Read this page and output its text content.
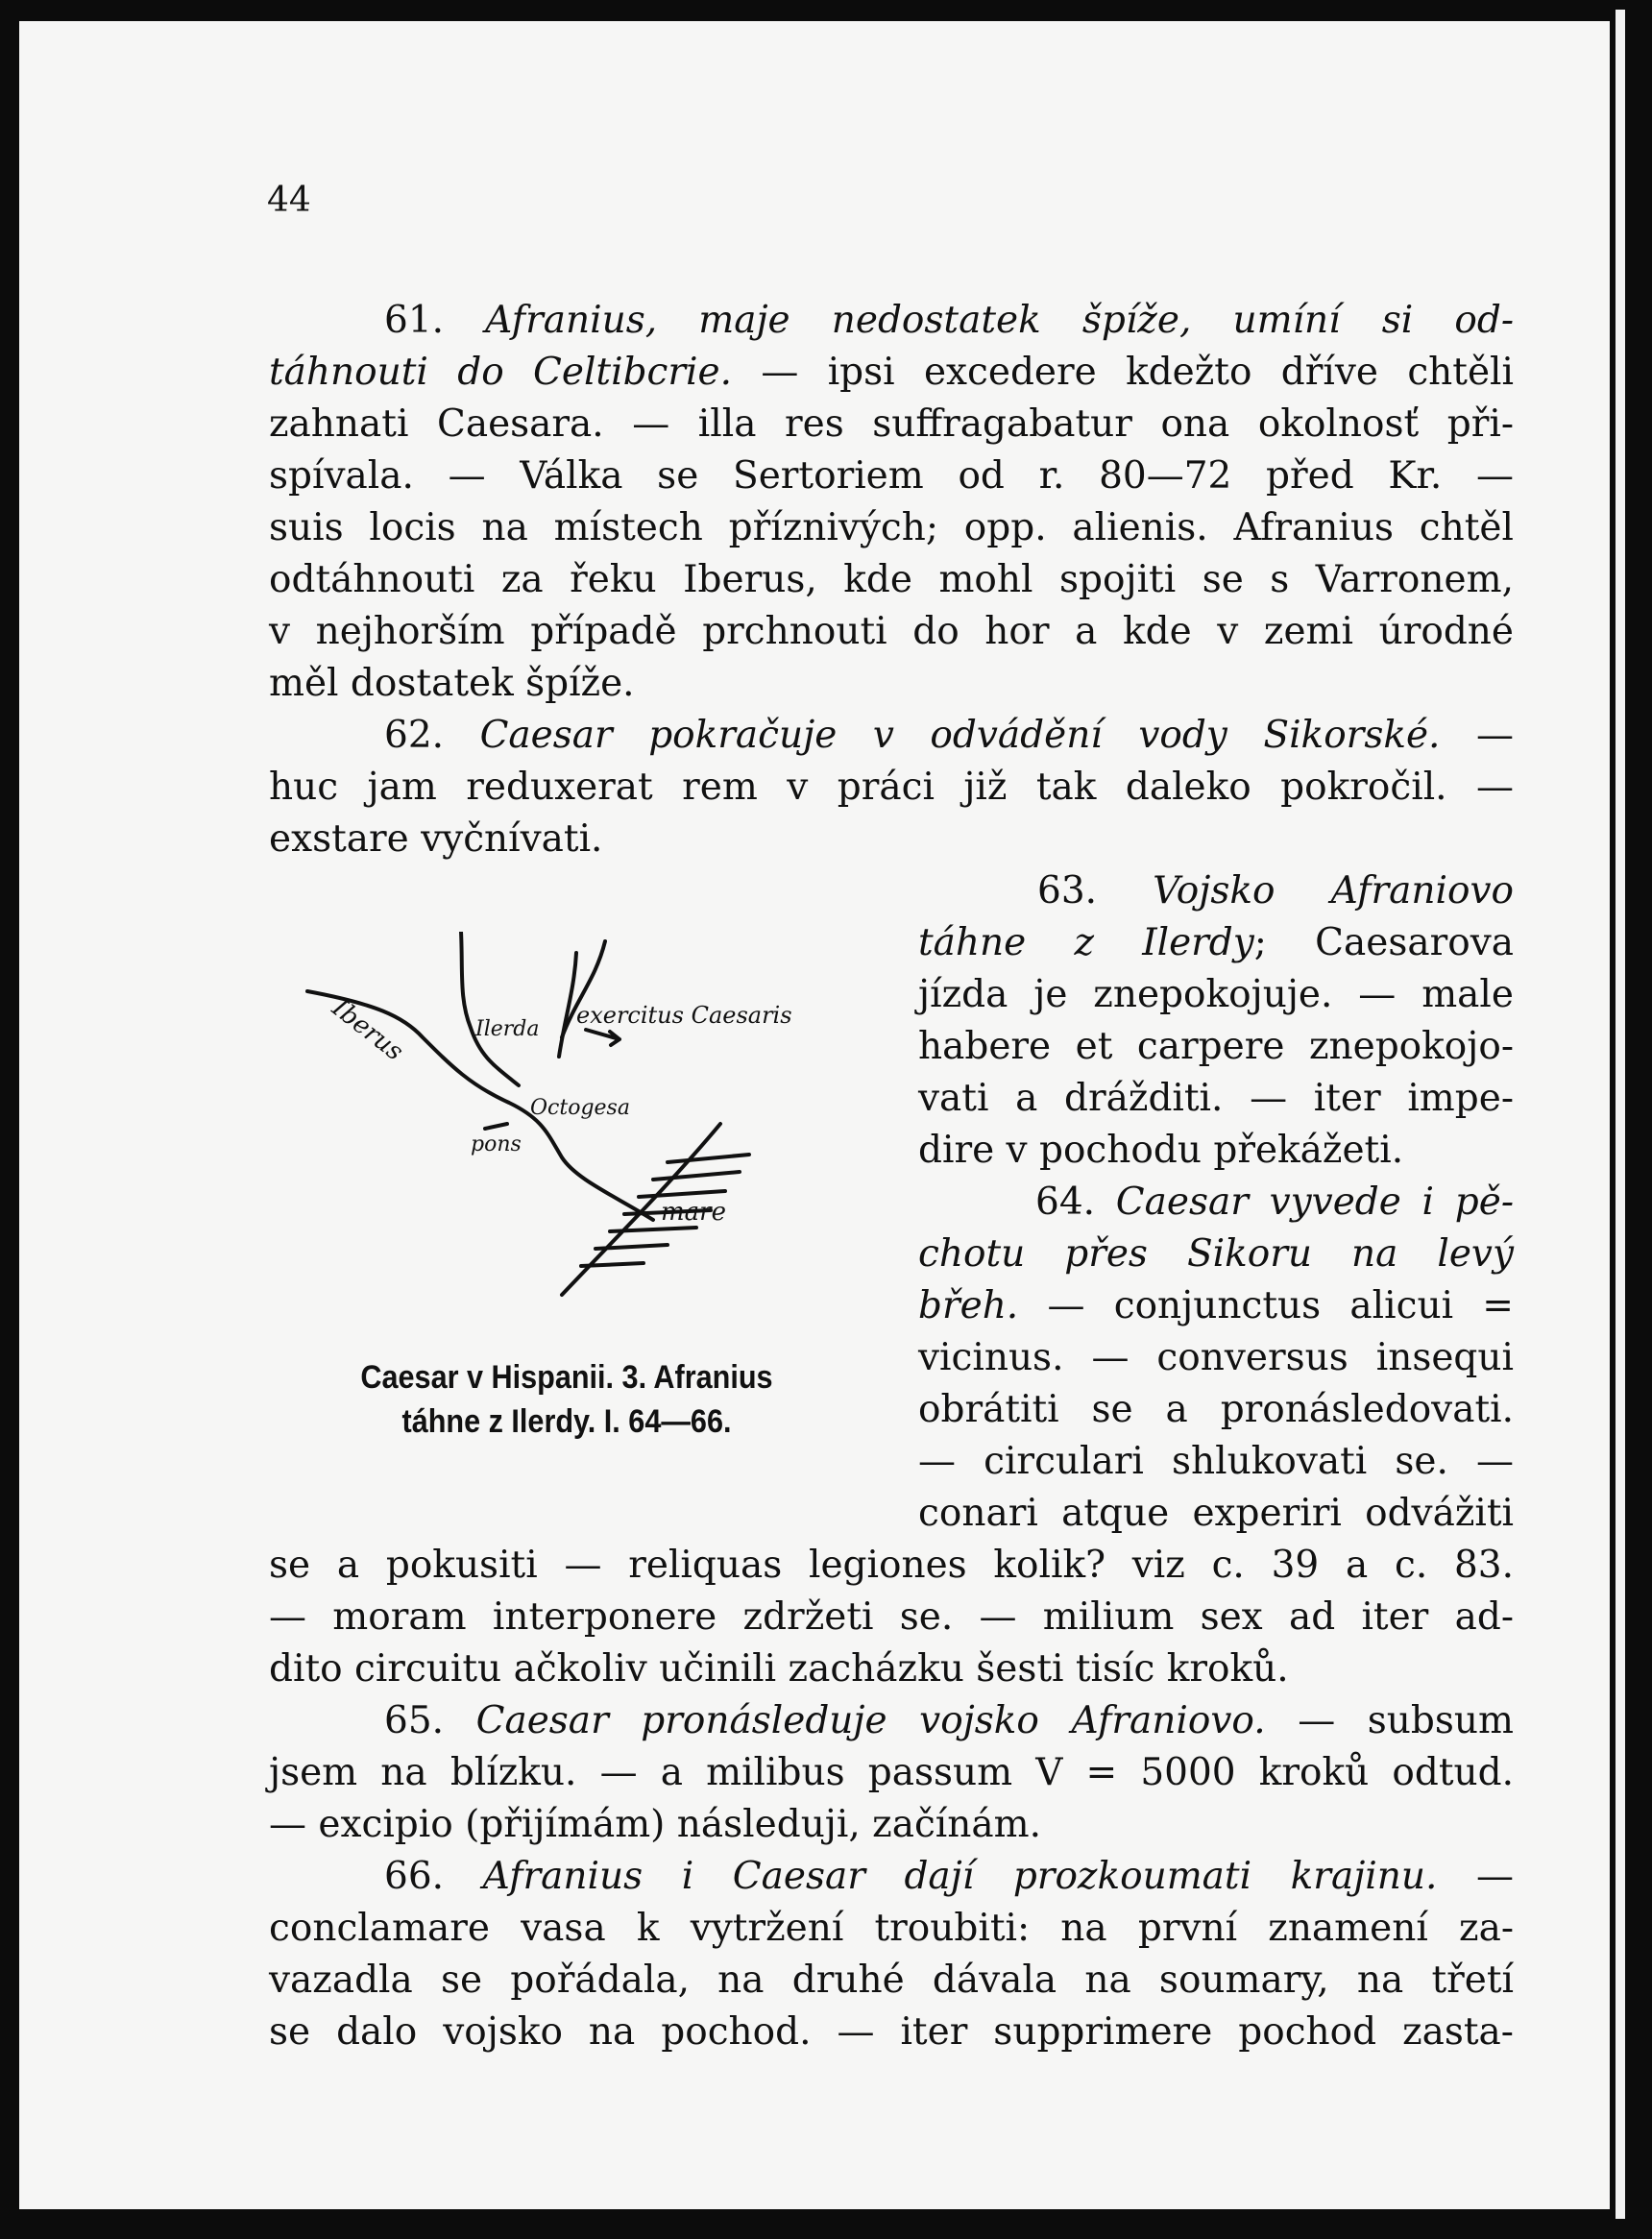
44
61. Afranius, maje nedostatek špíže, umíní si od-
táhnouti do Celtibcrie. — ipsi excedere kdežto dříve chtěli
zahnati Caesara. — illa res suffragabatur ona okolnosť při-
spívala. — Válka se Sertoriem od r. 80—72 před Kr. —
suis locis na místech příznivých; opp. alienis. Afranius chtěl
odtáhnouti za řeku Iberus, kde mohl spojiti se s Varronem,
v nejhorším případě prchnouti do hor a kde v zemi úrodné
měl dostatek špíže.
62. Caesar pokračuje v odvádění vody Sikorské. —
huc jam reduxerat rem v práci již tak daleko pokročil. —
exstare vyčnívati.
63. Vojsko Afraniovo
táhne z Ilerdy; Caesarova
jízda je znepokojuje. — male
habere et carpere znepokojo-
vati a drážditi. — iter impe-
dire v pochodu překážeti.
64. Caesar vyvede i pě-
chotu přes Sikoru na levý
břeh. — conjunctus alicui =
vicinus. — conversus insequi
obrátiti se a pronásledovati.
— circulari shlukovati se. —
conari atque experiri odvážiti
se a pokusiti — reliquas legiones kolik? viz c. 39 a c. 83.
— moram interponere zdržeti se. — milium sex ad iter ad-
dito circuitu ačkoliv učinili zacházku šesti tisíc kroků.
65. Caesar pronásleduje vojsko Afraniovo. — subsum
jsem na blízku. — a milibus passum V = 5000 kroků odtud.
— excipio (přijímám) následuji, začínám.
66. Afranius i Caesar dají prozkoumati krajinu. —
conclamare vasa k vytržení troubiti: na první znamení za-
vazadla se pořádala, na druhé dávala na soumary, na třetí
se dalo vojsko na pochod. — iter supprimere pochod zasta-
Iberus	Ilerda
exercitus Caesaris
Octogesa
pons
mare
Caesar v Hispanii. 3. Afranius
táhne z Ilerdy. I. 64—66.
